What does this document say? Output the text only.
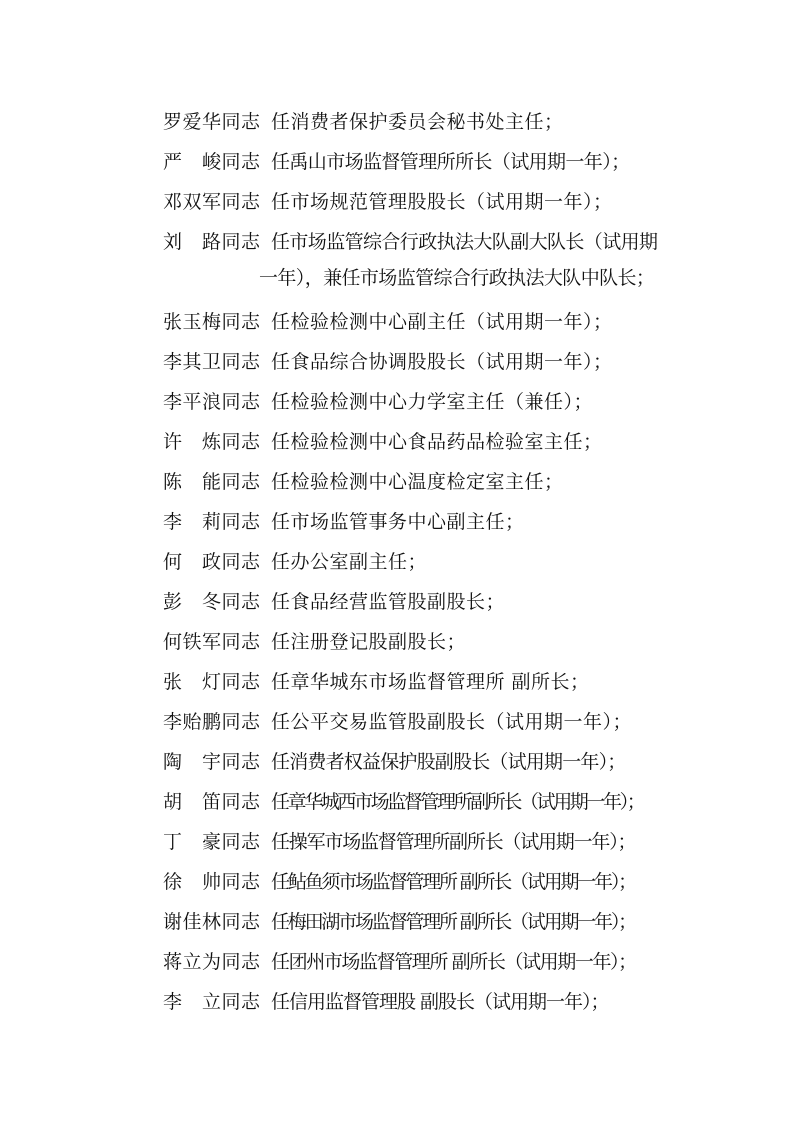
罗爱华同志 任消费者保护委员会秘书处主任；
严　峻同志 任禹山市场监督管理所所长（试用期一年）；
邓双军同志 任市场规范管理股股长（试用期一年）；
刘　路同志 任市场监管综合行政执法大队副大队长（试用期
一年），兼任市场监管综合行政执法大队中队长；
张玉梅同志 任检验检测中心副主任（试用期一年）；
李其卫同志 任食品综合协调股股长（试用期一年）；
李平浪同志 任检验检测中心力学室主任（兼任）；
许　炼同志 任检验检测中心食品药品检验室主任；
陈　能同志 任检验检测中心温度检定室主任；
李　莉同志 任市场监管事务中心副主任；
何　政同志 任办公室副主任；
彭　冬同志 任食品经营监管股副股长；
何铁军同志 任注册登记股副股长；
张　灯同志 任章华城东市场监督管理所 副所长；
李贻鹏同志 任公平交易监管股副股长（试用期一年）；
陶　宇同志 任消费者权益保护股副股长（试用期一年）；
胡　笛同志 任章华城西市场监督管理所副所长（试用期一年）；
丁　豪同志 任操军市场监督管理所副所长（试用期一年）；
徐　帅同志 任鲇鱼须市场监督管理所 副所长（试用期一年）；
谢佳林同志 任梅田湖市场监督管理所 副所长（试用期一年）；
蒋立为同志 任团州市场监督管理所 副所长（试用期一年）；
李　立同志 任信用监督管理股 副股长（试用期一年）；
